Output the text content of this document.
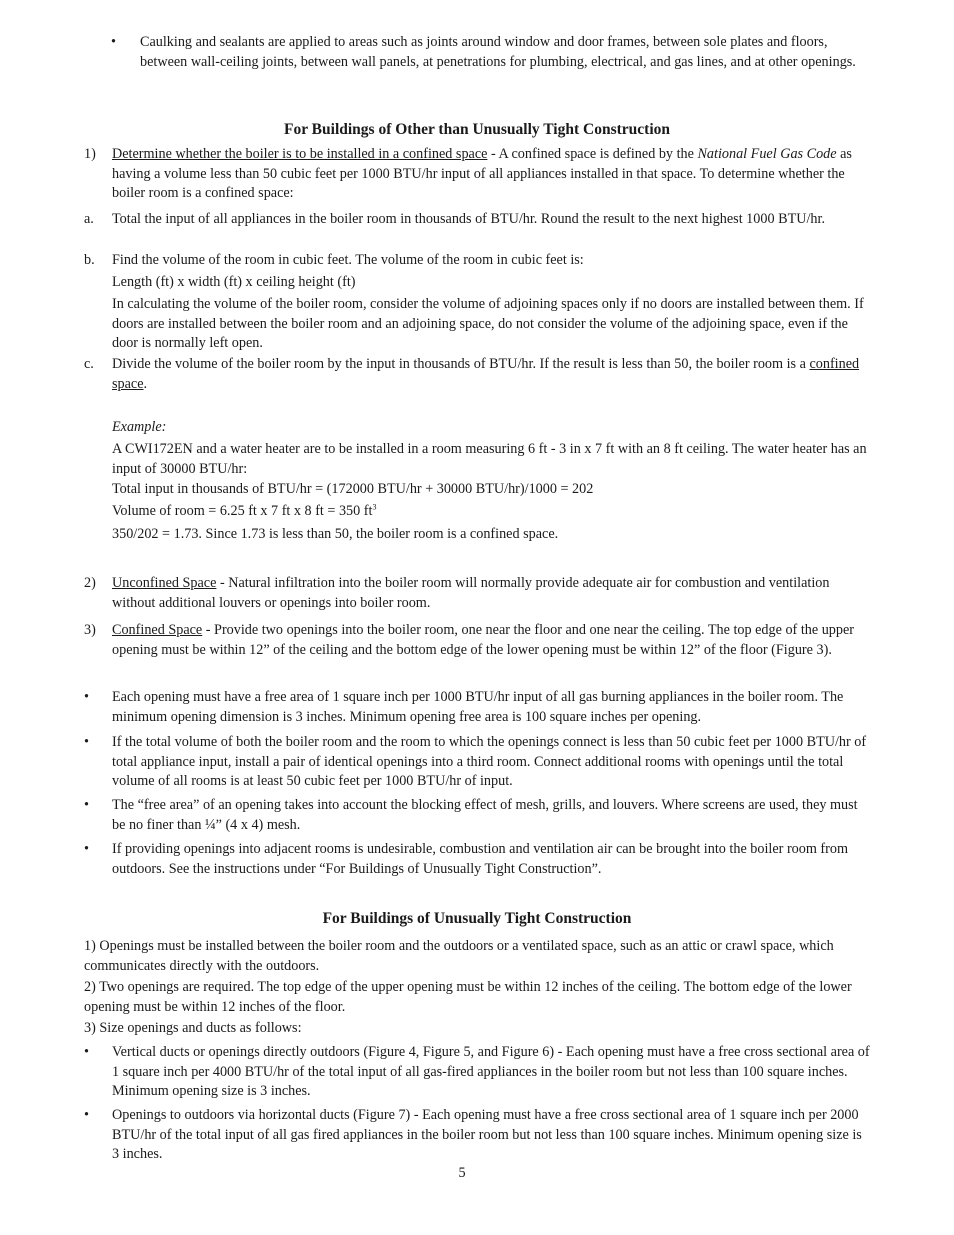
• Caulking and sealants are applied to areas such as joints around window and door frames, between sole plates and floors, between wall-ceiling joints, between wall panels, at penetrations for plumbing, electrical, and gas lines, and at other openings.

For Buildings of Other than Unusually Tight Construction
1) Determine whether the boiler is to be installed in a confined space - A confined space is defined by the National Fuel Gas Code as having a volume less than 50 cubic feet per 1000 BTU/hr input of all appliances installed in that space. To determine whether the boiler room is a confined space:

a. Total the input of all appliances in the boiler room in thousands of BTU/hr. Round the result to the next highest 1000 BTU/hr.

b. Find the volume of the room in cubic feet. The volume of the room in cubic feet is:

Length (ft) x width (ft) x ceiling height (ft)

In calculating the volume of the boiler room, consider the volume of adjoining spaces only if no doors are installed between them. If doors are installed between the boiler room and an adjoining space, do not consider the volume of the adjoining space, even if the door is normally left open.

c. Divide the volume of the boiler room by the input in thousands of BTU/hr. If the result is less than 50, the boiler room is a confined space.

Example:

A CWI172EN and a water heater are to be installed in a room measuring 6 ft - 3 in x 7 ft with an 8 ft ceiling. The water heater has an input of 30000 BTU/hr:

Total input in thousands of BTU/hr = (172000 BTU/hr + 30000 BTU/hr)/1000 = 202

Volume of room = 6.25 ft x 7 ft x 8 ft = 350 $ft^3$

350/202 = 1.73. Since 1.73 is less than 50, the boiler room is a confined space.

2) Unconfined Space - Natural infiltration into the boiler room will normally provide adequate air for combustion and ventilation without additional louvers or openings into boiler room.

3) Confined Space - Provide two openings into the boiler room, one near the floor and one near the ceiling. The top edge of the upper opening must be within 12” of the ceiling and the bottom edge of the lower opening must be within 12” of the floor (Figure 3).

• Each opening must have a free area of 1 square inch per 1000 BTU/hr input of all gas burning appliances in the boiler room. The minimum opening dimension is 3 inches. Minimum opening free area is 100 square inches per opening.

• If the total volume of both the boiler room and the room to which the openings connect is less than 50 cubic feet per 1000 BTU/hr of total appliance input, install a pair of identical openings into a third room. Connect additional rooms with openings until the total volume of all rooms is at least 50 cubic feet per 1000 BTU/hr of input.

• The “free area” of an opening takes into account the blocking effect of mesh, grills, and louvers. Where screens are used, they must be no finer than ¼” (4 x 4) mesh.

• If providing openings into adjacent rooms is undesirable, combustion and ventilation air can be brought into the boiler room from outdoors. See the instructions under “For Buildings of Unusually Tight Construction”.

For Buildings of Unusually Tight Construction

1) Openings must be installed between the boiler room and the outdoors or a ventilated space, such as an attic or crawl space, which communicates directly with the outdoors.

2) Two openings are required. The top edge of the upper opening must be within 12 inches of the ceiling. The bottom edge of the lower opening must be within 12 inches of the floor.

3) Size openings and ducts as follows:

• Vertical ducts or openings directly outdoors (Figure 4, Figure 5, and Figure 6) - Each opening must have a free cross sectional area of 1 square inch per 4000 BTU/hr of the total input of all gas-fired appliances in the boiler room but not less than 100 square inches. Minimum opening size is 3 inches.

• Openings to outdoors via horizontal ducts (Figure 7) - Each opening must have a free cross sectional area of 1 square inch per 2000 BTU/hr of the total input of all gas fired appliances in the boiler room but not less than 100 square inches. Minimum opening size is 3 inches.

5
